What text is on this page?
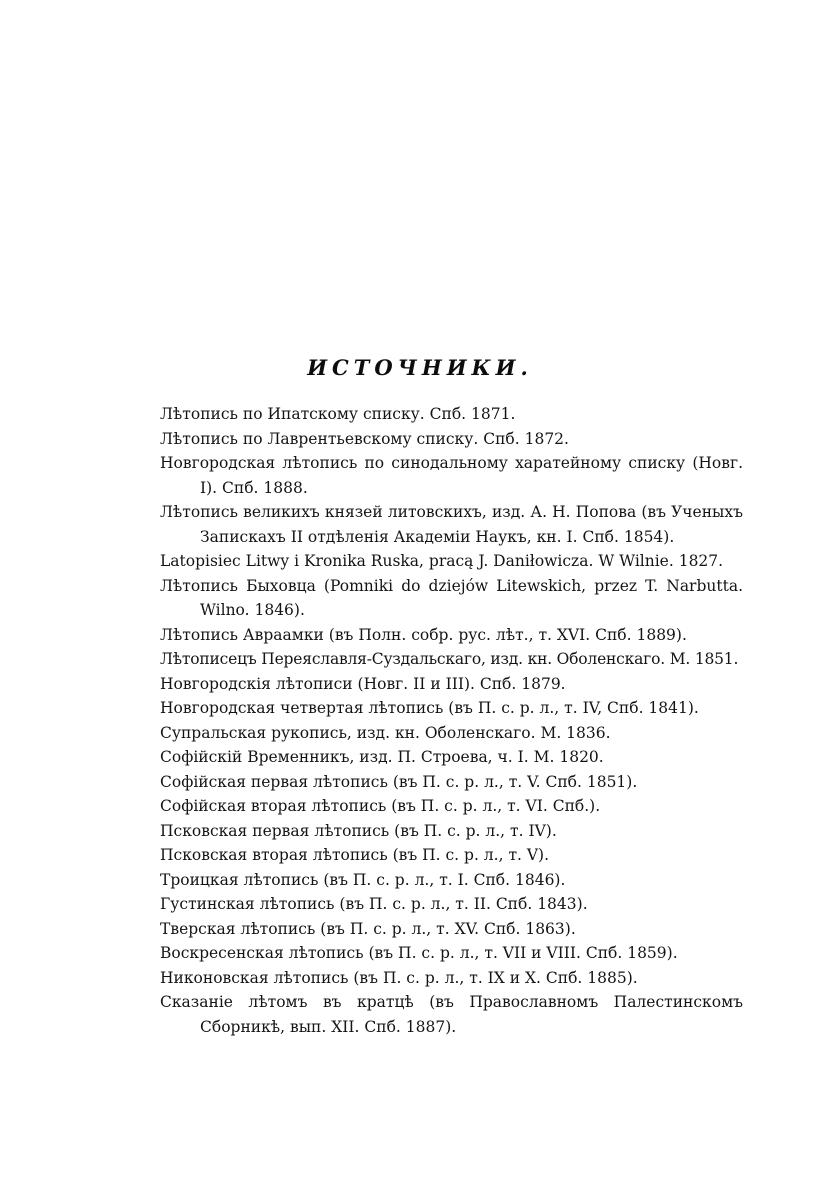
ИСТОЧНИКИ.
Лѣтопись по Ипатскому списку. Спб. 1871.
Лѣтопись по Лаврентьевскому списку. Спб. 1872.
Новгородская лѣтопись по синодальному харатейному списку (Новг. I). Спб. 1888.
Лѣтопись великихъ князей литовскихъ, изд. А. Н. Попова (въ Ученыхъ Запискахъ II отдѣленія Академіи Наукъ, кн. I. Спб. 1854).
Latopisiec Litwy i Kronika Ruska, pracą J. Daniłowicza. W Wilnie. 1827.
Лѣтопись Быховца (Pomniki do dziejów Litewskich, przez T. Narbutta. Wilno. 1846).
Лѣтопись Авраамки (въ Полн. собр. рус. лѣт., т. XVI. Спб. 1889).
Лѣтописецъ Переяславля-Суздальскаго, изд. кн. Оболенскаго. М. 1851.
Новгородскія лѣтописи (Новг. II и III). Спб. 1879.
Новгородская четвертая лѣтопись (въ П. с. р. л., т. IV, Спб. 1841).
Супральская рукопись, изд. кн. Оболенскаго. М. 1836.
Софійскій Временникъ, изд. П. Строева, ч. I. М. 1820.
Софійская первая лѣтопись (въ П. с. р. л., т. V. Спб. 1851).
Софійская вторая лѣтопись (въ П. с. р. л., т. VI. Спб.).
Псковская первая лѣтопись (въ П. с. р. л., т. IV).
Псковская вторая лѣтопись (въ П. с. р. л., т. V).
Троицкая лѣтопись (въ П. с. р. л., т. I. Спб. 1846).
Густинская лѣтопись (въ П. с. р. л., т. II. Спб. 1843).
Тверская лѣтопись (въ П. с. р. л., т. XV. Спб. 1863).
Воскресенская лѣтопись (въ П. с. р. л., т. VII и VIII. Спб. 1859).
Никоновская лѣтопись (въ П. с. р. л., т. IX и X. Спб. 1885).
Сказаніе лѣтомъ въ кратцѣ (въ Православномъ Палестинскомъ Сборникѣ, вып. XII. Спб. 1887).
